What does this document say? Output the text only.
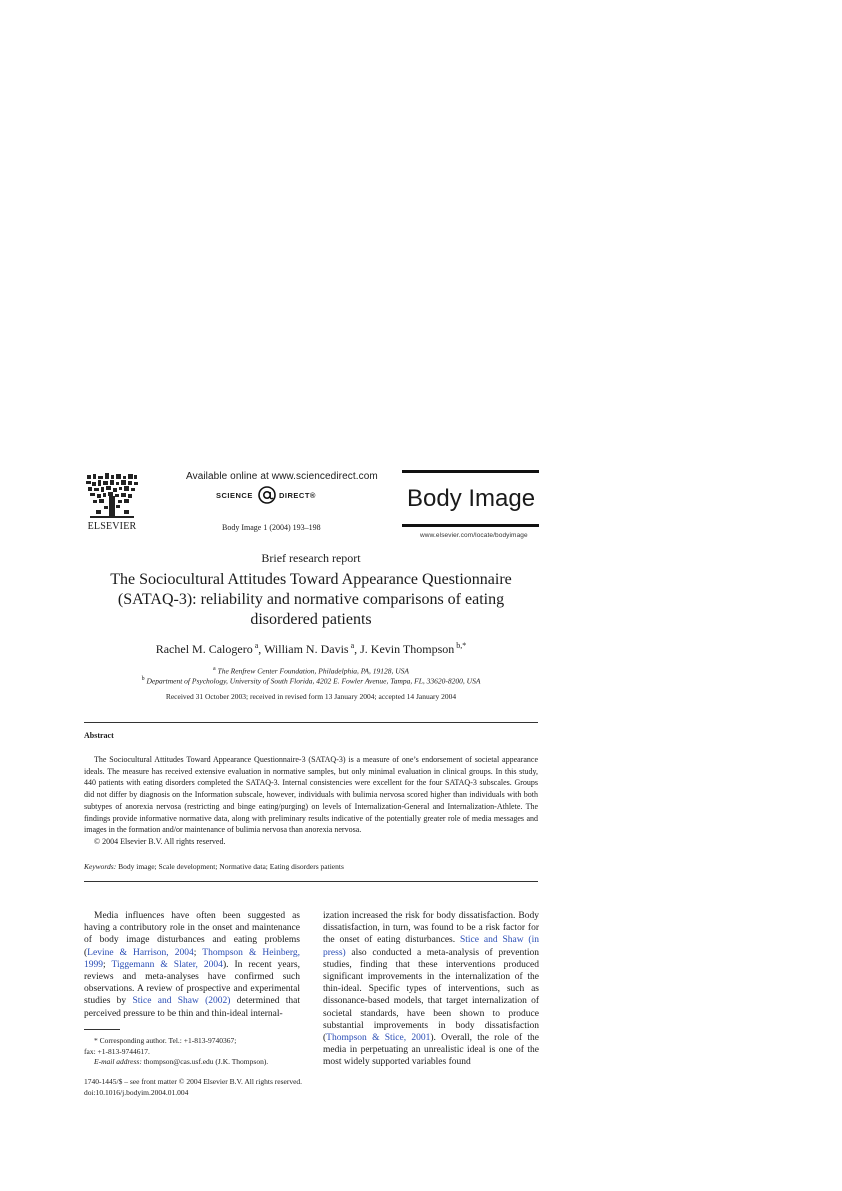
ELSEVIER
Available online at www.sciencedirect.com
SCIENCE	DIRECT®
Body Image 1 (2004) 193–198
Body Image
www.elsevier.com/locate/bodyimage
Brief research report
The Sociocultural Attitudes Toward Appearance Questionnaire (SATAQ-3): reliability and normative comparisons of eating disordered patients
Rachel M. Calogero $^a$, William N. Davis $^a$, J. Kevin Thompson $^{b,*}$
$^a$ The Renfrew Center Foundation, Philadelphia, PA, 19128, USA
$^b$ Department of Psychology, University of South Florida, 4202 E. Fowler Avenue, Tampa, FL, 33620-8200, USA
Received 31 October 2003; received in revised form 13 January 2004; accepted 14 January 2004
Abstract

The Sociocultural Attitudes Toward Appearance Questionnaire-3 (SATAQ-3) is a measure of one’s endorsement of societal appearance ideals. The measure has received extensive evaluation in normative samples, but only minimal evaluation in clinical groups. In this study, 440 patients with eating disorders completed the SATAQ-3. Internal consistencies were excellent for the four SATAQ-3 subscales. Groups did not differ by diagnosis on the Information subscale, however, individuals with bulimia nervosa scored higher than individuals with both subtypes of anorexia nervosa (restricting and binge eating/purging) on levels of Internalization-General and Internalization-Athlete. The findings provide informative normative data, along with preliminary results indicative of the potentially greater role of media messages and images in the formation and/or maintenance of bulimia nervosa than anorexia nervosa.

© 2004 Elsevier B.V. All rights reserved.

Keywords: Body image; Scale development; Normative data; Eating disorders patients

Media influences have often been suggested as having a contributory role in the onset and maintenance of body image disturbances and eating problems (Levine & Harrison, 2004; Thompson & Heinberg, 1999; Tiggemann & Slater, 2004). In recent years, reviews and meta-analyses have confirmed such observations. A review of prospective and experimental studies by Stice and Shaw (2002) determined that perceived pressure to be thin and thin-ideal internal-

ization increased the risk for body dissatisfaction. Body dissatisfaction, in turn, was found to be a risk factor for the onset of eating disturbances. Stice and Shaw (in press) also conducted a meta-analysis of prevention studies, finding that these interventions produced significant improvements in the internalization of the thin-ideal. Specific types of interventions, such as dissonance-based models, that target internalization of societal standards, have been shown to produce substantial improvements in body dissatisfaction (Thompson & Stice, 2001). Overall, the role of the media in perpetuating an unrealistic ideal is one of the most widely supported variables found

* Corresponding author. Tel.: +1-813-9740367;
fax: +1-813-9744617.
E-mail address: thompson@cas.usf.edu (J.K. Thompson).
1740-1445/$ – see front matter © 2004 Elsevier B.V. All rights reserved.
doi:10.1016/j.bodyim.2004.01.004
